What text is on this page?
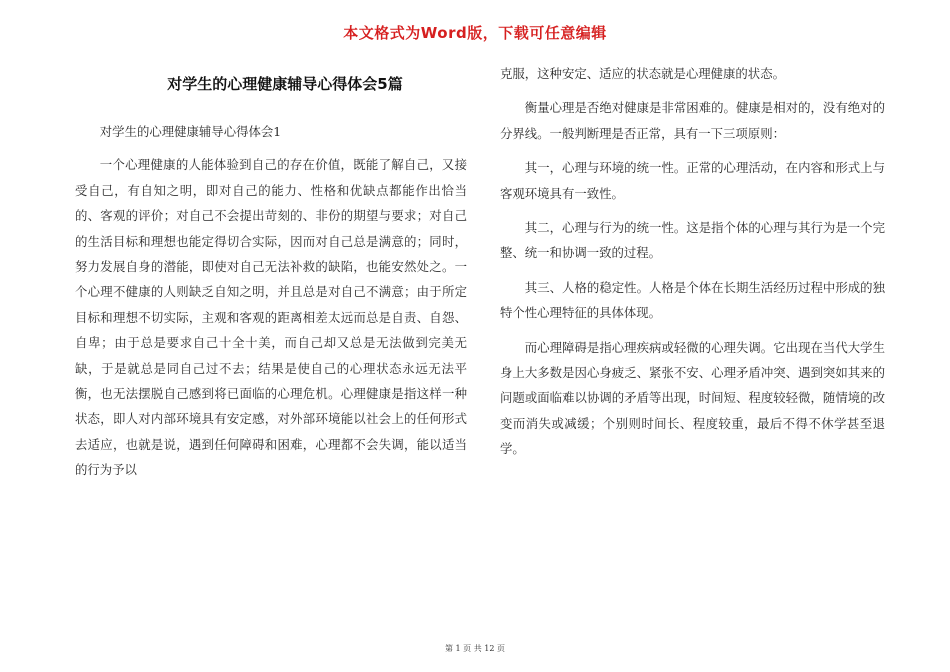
本文格式为Word版，下载可任意编辑
对学生的心理健康辅导心得体会5篇

对学生的心理健康辅导心得体会1

一个心理健康的人能体验到自己的存在价值，既能了解自己，又接受自己，有自知之明，即对自己的能力、性格和优缺点都能作出恰当的、客观的评价；对自己不会提出苛刻的、非份的期望与要求；对自己的生活目标和理想也能定得切合实际，因而对自己总是满意的；同时，努力发展自身的潜能，即使对自己无法补救的缺陷，也能安然处之。一个心理不健康的人则缺乏自知之明，并且总是对自己不满意；由于所定目标和理想不切实际，主观和客观的距离相差太远而总是自责、自怨、自卑；由于总是要求自己十全十美，而自己却又总是无法做到完美无缺，于是就总是同自己过不去；结果是使自己的心理状态永远无法平衡，也无法摆脱自己感到将已面临的心理危机。心理健康是指这样一种状态，即人对内部环境具有安定感，对外部环境能以社会上的任何形式去适应，也就是说，遇到任何障碍和困难，心理都不会失调，能以适当的行为予以

克服，这种安定、适应的状态就是心理健康的状态。

衡量心理是否绝对健康是非常困难的。健康是相对的，没有绝对的分界线。一般判断理是否正常，具有一下三项原则：

其一，心理与环境的统一性。正常的心理活动，在内容和形式上与客观环境具有一致性。

其二，心理与行为的统一性。这是指个体的心理与其行为是一个完整、统一和协调一致的过程。

其三、人格的稳定性。人格是个体在长期生活经历过程中形成的独特个性心理特征的具体体现。

而心理障碍是指心理疾病或轻微的心理失调。它出现在当代大学生身上大多数是因心身疲乏、紧张不安、心理矛盾冲突、遇到突如其来的问题或面临难以协调的矛盾等出现，时间短、程度较轻微，随情境的改变而消失或减缓；个别则时间长、程度较重，最后不得不休学甚至退学。

第 1 页 共 12 页
